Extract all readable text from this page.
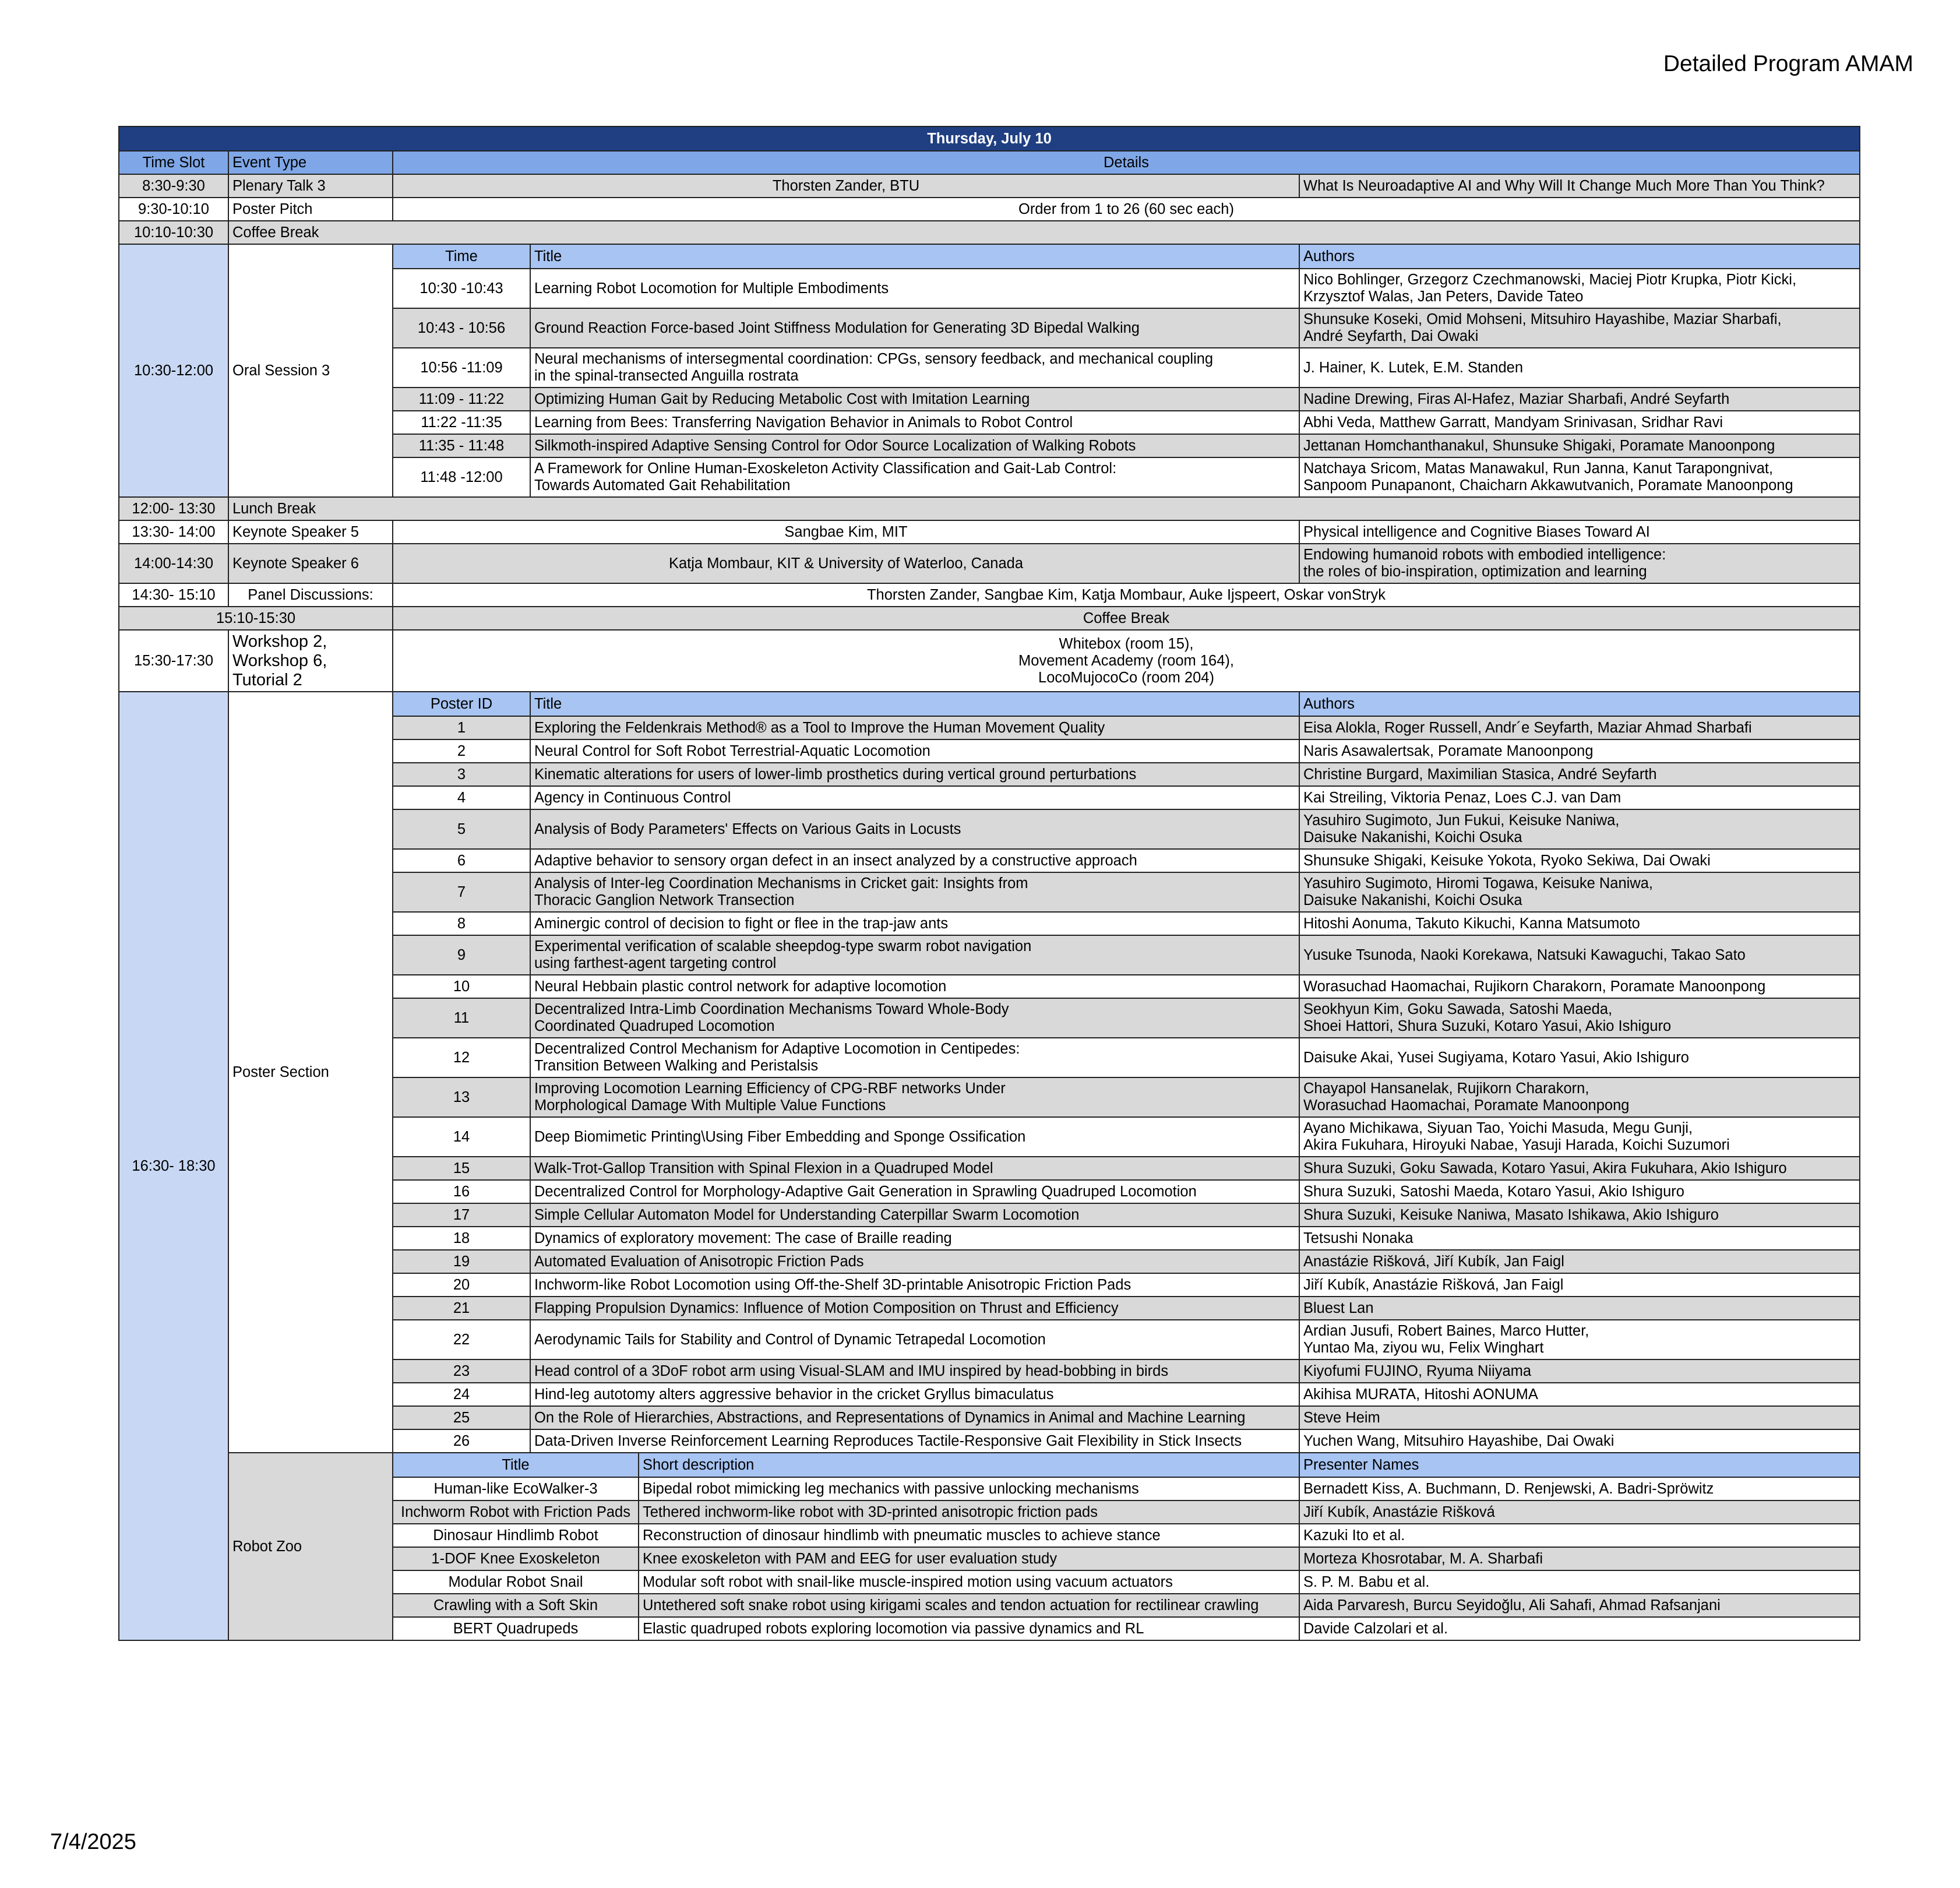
Detailed Program AMAM
Thursday, July 10					
Time Slot	Event Type	Details			
8:30-9:30	Plenary Talk 3	Thorsten Zander, BTU			What Is Neuroadaptive AI and Why Will It Change Much More Than You Think?
9:30-10:10	Poster Pitch	Order from 1 to 26 (60 sec each)			
10:10-10:30	Coffee Break				
10:30-12:00	Oral Session 3	Time	Title		Authors
		10:30 -10:43	Learning Robot Locomotion for Multiple Embodiments		Nico Bohlinger, Grzegorz Czechmanowski, Maciej Piotr Krupka, Piotr Kicki,
Krzysztof Walas, Jan Peters, Davide Tateo
		10:43 - 10:56	Ground Reaction Force-based Joint Stiffness Modulation for Generating 3D Bipedal Walking		Shunsuke Koseki, Omid Mohseni, Mitsuhiro Hayashibe, Maziar Sharbafi,
André Seyfarth, Dai Owaki
		10:56 -11:09	Neural mechanisms of intersegmental coordination: CPGs, sensory feedback, and mechanical coupling
in the spinal-transected Anguilla rostrata		J. Hainer, K. Lutek, E.M. Standen
		11:09 - 11:22	Optimizing Human Gait by Reducing Metabolic Cost with Imitation Learning		Nadine Drewing, Firas Al-Hafez, Maziar Sharbafi, André Seyfarth
		11:22 -11:35	Learning from Bees: Transferring Navigation Behavior in Animals to Robot Control		Abhi Veda, Matthew Garratt, Mandyam Srinivasan, Sridhar Ravi
		11:35 - 11:48	Silkmoth-inspired Adaptive Sensing Control for Odor Source Localization of Walking Robots		Jettanan Homchanthanakul, Shunsuke Shigaki, Poramate Manoonpong
		11:48 -12:00	A Framework for Online Human-Exoskeleton Activity Classification and Gait-Lab Control:
Towards Automated Gait Rehabilitation		Natchaya Sricom, Matas Manawakul, Run Janna, Kanut Tarapongnivat,
Sanpoom Punapanont, Chaicharn Akkawutvanich, Poramate Manoonpong
12:00- 13:30	Lunch Break				
13:30- 14:00	Keynote Speaker 5	Sangbae Kim, MIT			Physical intelligence and Cognitive Biases Toward AI
14:00-14:30	Keynote Speaker 6	Katja Mombaur, KIT & University of Waterloo, Canada			Endowing humanoid robots with embodied intelligence:
the roles of bio-inspiration, optimization and learning
14:30- 15:10	Panel Discussions:	Thorsten Zander, Sangbae Kim, Katja Mombaur, Auke Ijspeert, Oskar vonStryk			
15:10-15:30		Coffee Break			
15:30-17:30	Workshop 2,
Workshop 6,
Tutorial 2	Whitebox (room 15),
Movement Academy (room 164),
LocoMujocoCo (room 204)			
16:30- 18:30	Poster Section	Poster ID	Title		Authors
		1	Exploring the Feldenkrais Method® as a Tool to Improve the Human Movement Quality		Eisa Alokla, Roger Russell, Andr´e Seyfarth, Maziar Ahmad Sharbafi
		2	Neural Control for Soft Robot Terrestrial-Aquatic Locomotion		Naris Asawalertsak, Poramate Manoonpong
		3	Kinematic alterations for users of lower-limb prosthetics during vertical ground perturbations		Christine Burgard, Maximilian Stasica, André Seyfarth
		4	Agency in Continuous Control		Kai Streiling, Viktoria Penaz, Loes C.J. van Dam
		5	Analysis of Body Parameters' Effects on Various Gaits in Locusts		Yasuhiro Sugimoto, Jun Fukui, Keisuke Naniwa,
Daisuke Nakanishi, Koichi Osuka
		6	Adaptive behavior to sensory organ defect in an insect analyzed by a constructive approach		Shunsuke Shigaki, Keisuke Yokota, Ryoko Sekiwa, Dai Owaki
		7	Analysis of Inter-leg Coordination Mechanisms in Cricket gait: Insights from
Thoracic Ganglion Network Transection		Yasuhiro Sugimoto, Hiromi Togawa, Keisuke Naniwa,
Daisuke Nakanishi, Koichi Osuka
		8	Aminergic control of decision to fight or flee in the trap-jaw ants		Hitoshi Aonuma, Takuto Kikuchi, Kanna Matsumoto
		9	Experimental verification of scalable sheepdog-type swarm robot navigation
using farthest-agent targeting control		Yusuke Tsunoda, Naoki Korekawa, Natsuki Kawaguchi, Takao Sato
		10	Neural Hebbain plastic control network for adaptive locomotion		Worasuchad Haomachai, Rujikorn Charakorn, Poramate Manoonpong
		11	Decentralized Intra-Limb Coordination Mechanisms Toward Whole-Body
Coordinated Quadruped Locomotion		Seokhyun Kim, Goku Sawada, Satoshi Maeda,
Shoei Hattori, Shura Suzuki, Kotaro Yasui, Akio Ishiguro
		12	Decentralized Control Mechanism for Adaptive Locomotion in Centipedes:
Transition Between Walking and Peristalsis		Daisuke Akai, Yusei Sugiyama, Kotaro Yasui, Akio Ishiguro
		13	Improving Locomotion Learning Efficiency of CPG-RBF networks Under
Morphological Damage With Multiple Value Functions		Chayapol Hansanelak, Rujikorn Charakorn,
Worasuchad Haomachai, Poramate Manoonpong
		14	Deep Biomimetic Printing\Using Fiber Embedding and Sponge Ossification		Ayano Michikawa, Siyuan Tao, Yoichi Masuda, Megu Gunji,
Akira Fukuhara, Hiroyuki Nabae, Yasuji Harada, Koichi Suzumori
		15	Walk-Trot-Gallop Transition with Spinal Flexion in a Quadruped Model		Shura Suzuki, Goku Sawada, Kotaro Yasui, Akira Fukuhara, Akio Ishiguro
		16	Decentralized Control for Morphology-Adaptive Gait Generation in Sprawling Quadruped Locomotion		Shura Suzuki, Satoshi Maeda, Kotaro Yasui, Akio Ishiguro
		17	Simple Cellular Automaton Model for Understanding Caterpillar Swarm Locomotion		Shura Suzuki, Keisuke Naniwa, Masato Ishikawa, Akio Ishiguro
		18	Dynamics of exploratory movement: The case of Braille reading		Tetsushi Nonaka
		19	Automated Evaluation of Anisotropic Friction Pads		Anastázie Rišková, Jiří Kubík, Jan Faigl
		20	Inchworm-like Robot Locomotion using Off-the-Shelf 3D-printable Anisotropic Friction Pads		Jiří Kubík, Anastázie Rišková, Jan Faigl
		21	Flapping Propulsion Dynamics: Influence of Motion Composition on Thrust and Efficiency		Bluest Lan
		22	Aerodynamic Tails for Stability and Control of Dynamic Tetrapedal Locomotion		Ardian Jusufi, Robert Baines, Marco Hutter,
Yuntao Ma, ziyou wu, Felix Winghart
		23	Head control of a 3DoF robot arm using Visual-SLAM and IMU inspired by head-bobbing in birds		Kiyofumi FUJINO, Ryuma Niiyama
		24	Hind-leg autotomy alters aggressive behavior in the cricket Gryllus bimaculatus		Akihisa MURATA, Hitoshi AONUMA
		25	On the Role of Hierarchies, Abstractions, and Representations of Dynamics in Animal and Machine Learning		Steve Heim
		26	Data-Driven Inverse Reinforcement Learning Reproduces Tactile-Responsive Gait Flexibility in Stick Insects		Yuchen Wang, Mitsuhiro Hayashibe, Dai Owaki
	Robot Zoo	Title		Short description	Presenter Names
		Human-like EcoWalker-3		Bipedal robot mimicking leg mechanics with passive unlocking mechanisms	Bernadett Kiss, A. Buchmann, D. Renjewski, A. Badri-Spröwitz
		Inchworm Robot with Friction Pads		Tethered inchworm-like robot with 3D-printed anisotropic friction pads	Jiří Kubík, Anastázie Rišková
		Dinosaur Hindlimb Robot		Reconstruction of dinosaur hindlimb with pneumatic muscles to achieve stance	Kazuki Ito et al.
		1-DOF Knee Exoskeleton		Knee exoskeleton with PAM and EEG for user evaluation study	Morteza Khosrotabar, M. A. Sharbafi
		Modular Robot Snail		Modular soft robot with snail-like muscle-inspired motion using vacuum actuators	S. P. M. Babu et al.
		Crawling with a Soft Skin		Untethered soft snake robot using kirigami scales and tendon actuation for rectilinear crawling	Aida Parvaresh, Burcu Seyidoğlu, Ali Sahafi, Ahmad Rafsanjani
		BERT Quadrupeds		Elastic quadruped robots exploring locomotion via passive dynamics and RL	Davide Calzolari et al.
7/4/2025
